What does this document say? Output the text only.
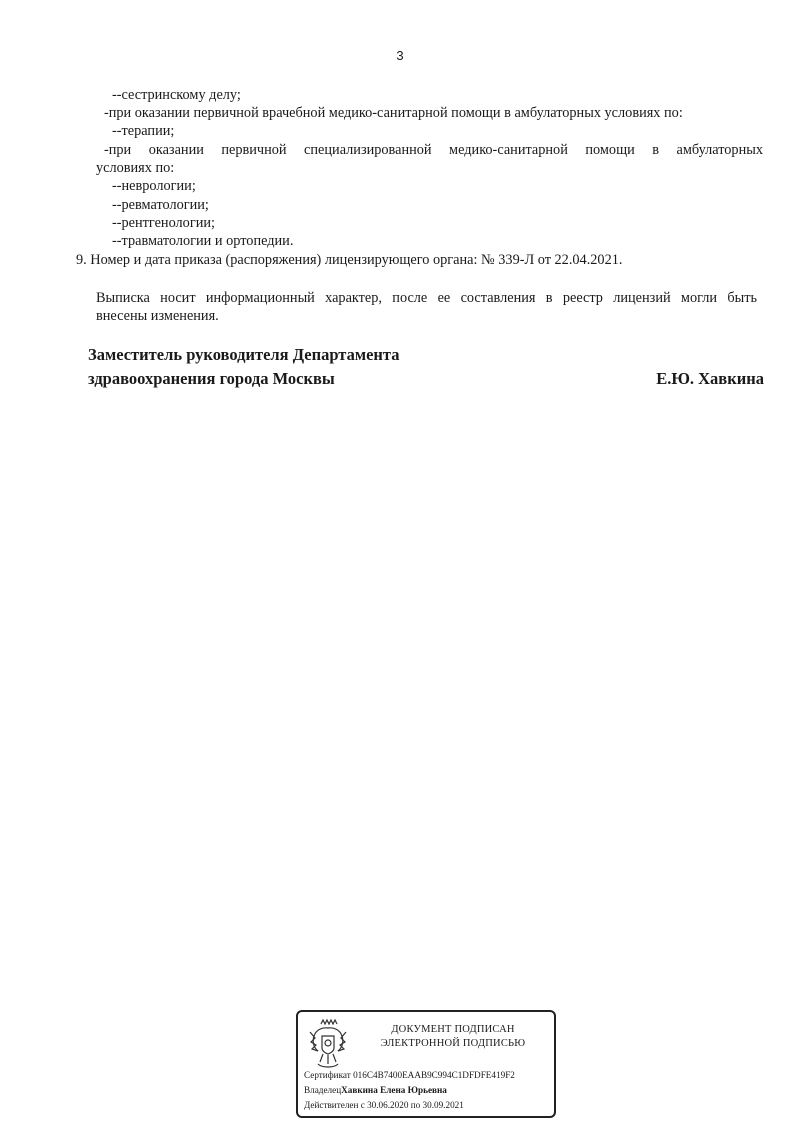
3
--сестринскому делу;
-при оказании первичной врачебной медико-санитарной помощи в амбулаторных условиях по:
--терапии;
-при оказании первичной специализированной медико-санитарной помощи в амбулаторных
условиях по:
--неврологии;
--ревматологии;
--рентгенологии;
--травматологии и ортопедии.
9. Номер и дата приказа (распоряжения) лицензирующего органа: № 339-Л от 22.04.2021.
Выписка носит информационный характер, после ее составления в реестр лицензий могли быть
внесены изменения.
Заместитель руководителя Департамента
здравоохранения города Москвы	Е.Ю. Хавкина
ДОКУМЕНТ ПОДПИСАН
ЭЛЕКТРОННОЙ ПОДПИСЬЮ
Сертификат 016C4B7400EAAB9C994C1DFDFE419F2
ВладелецХавкина Елена Юрьевна
Действителен с 30.06.2020 по 30.09.2021
